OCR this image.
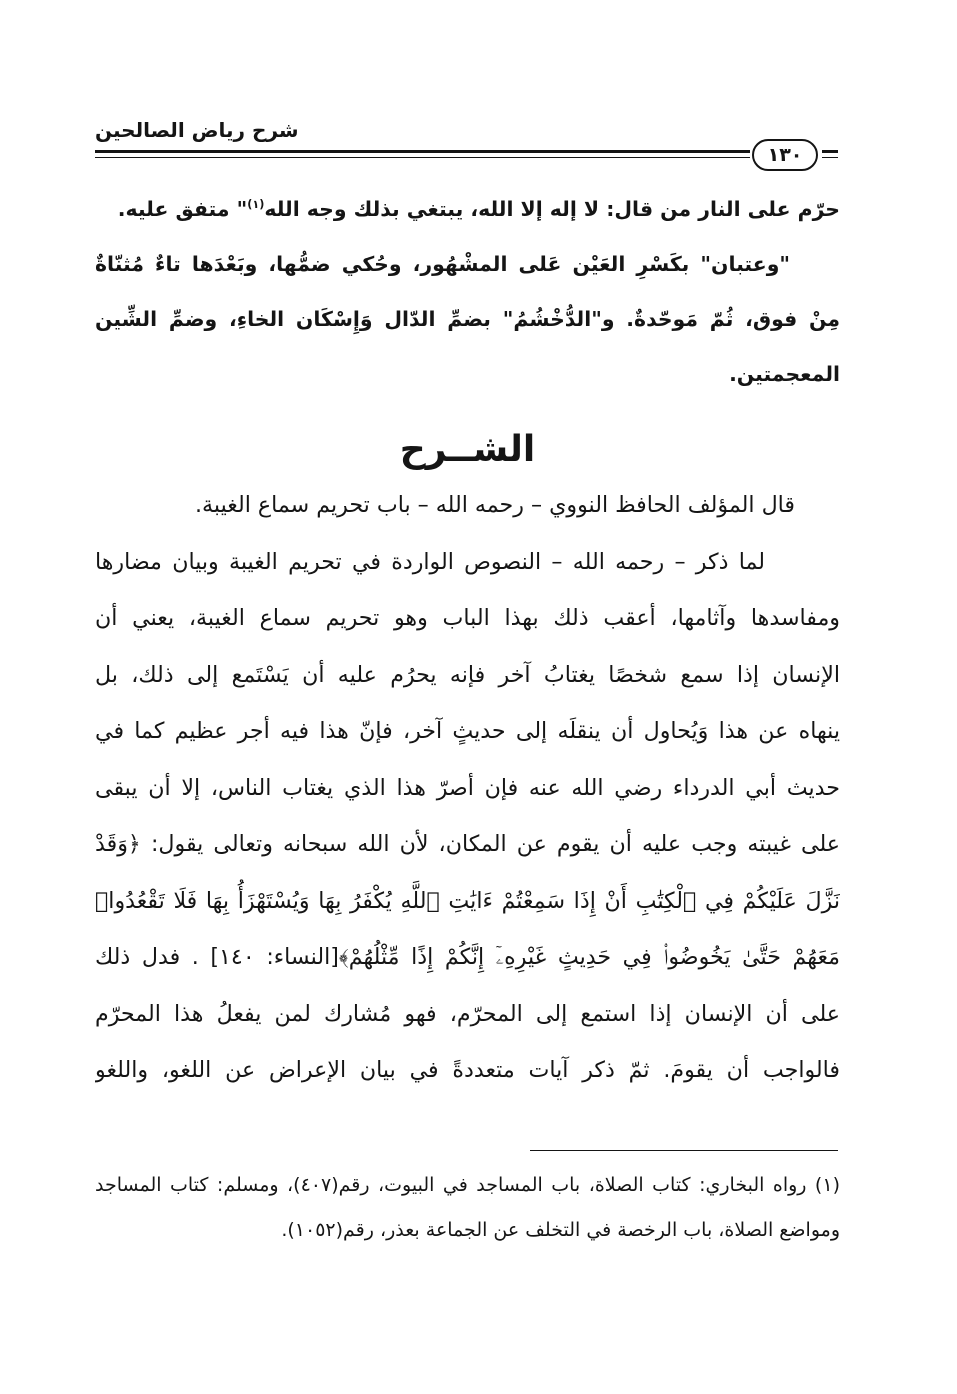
شرح رياض الصالحين
١٣٠
حرّم على النار من قال: لا إله إلا الله، يبتغي بذلك وجه الله$^{(١)}$" متفق عليه.
"وعتبان" بكَسْرِ العَيْن عَلى المشْهُور، وحُكي ضمُّها، وبَعْدَها تاءٌ مُثنّاةٌ
مِنْ فوق، ثُمّ مَوحّدةٌ. و"الدُّخْشُمُ" بضمِّ الدّال وَإِسْكَان الخاءِ، وضمِّ الشِّين
المعجمتين.
الشــرح
قال المؤلف الحافظ النووي – رحمه الله – باب تحريم سماع الغيبة.
لما ذكر – رحمه الله – النصوص الواردة في تحريم الغيبة وبيان مضارها
ومفاسدها وآثامها، أعقب ذلك بهذا الباب وهو تحريم سماع الغيبة، يعني أن
الإنسان إذا سمع شخصًا يغتابُ آخر فإنه يحرُم عليه أن يَسْتَمع إلى ذلك، بل
ينهاه عن هذا وَيُحاول أن ينقلَه إلى حديثٍ آخر، فإنّ هذا فيه أجر عظيم كما في
حديث أبي الدرداء رضي الله عنه فإن أصرّ هذا الذي يغتاب الناس، إلا أن يبقى
على غيبته وجب عليه أن يقوم عن المكان، لأن الله سبحانه وتعالى يقول: ﴿وَقَدْ
نَزَّلَ عَلَيْكُمْ فِي ٱلْكِتَٰبِ أَنْ إِذَا سَمِعْتُمْ ءَايَٰتِ ٱللَّهِ يُكْفَرُ بِهَا وَيُسْتَهْزَأُ بِهَا فَلَا تَقْعُدُوا۟
مَعَهُمْ حَتَّىٰ يَخُوضُوا۟ فِي حَدِيثٍ غَيْرِهِۦٓ إِنَّكُمْ إِذًا مِّثْلُهُمْ﴾[النساء: ١٤٠] . فدل ذلك
على أن الإنسان إذا استمع إلى المحرّم، فهو مُشارك لمن يفعلُ هذا المحرّم
فالواجب أن يقومَ. ثمّ ذكر آيات متعددةً في بيان الإعراض عن اللغو، واللغو
(١) رواه البخاري: كتاب الصلاة، باب المساجد في البيوت، رقم(٤٠٧)، ومسلم: كتاب المساجد
ومواضع الصلاة، باب الرخصة في التخلف عن الجماعة بعذر، رقم(١٠٥٢).
